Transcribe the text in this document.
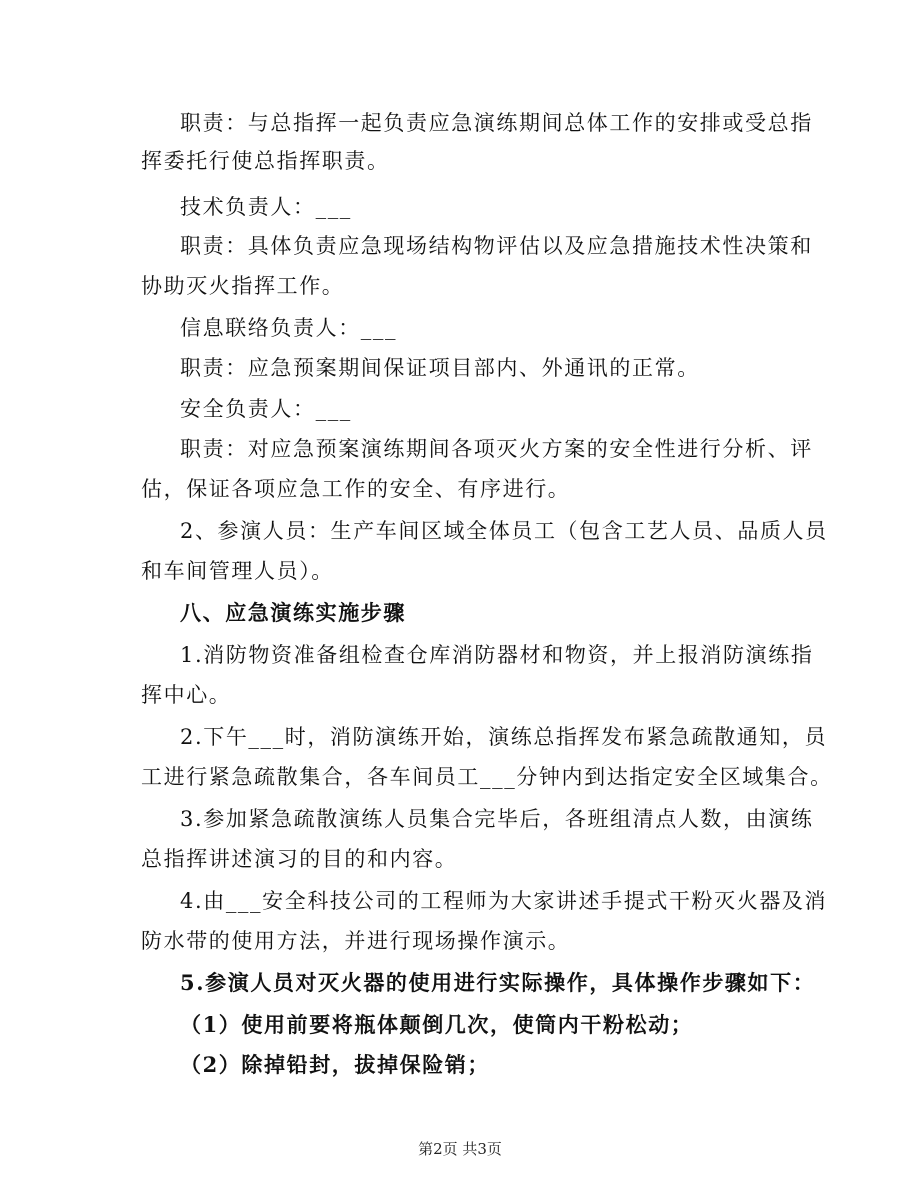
职责：与总指挥一起负责应急演练期间总体工作的安排或受总指
挥委托行使总指挥职责。
技术负责人：___
职责：具体负责应急现场结构物评估以及应急措施技术性决策和
协助灭火指挥工作。
信息联络负责人：___
职责：应急预案期间保证项目部内、外通讯的正常。
安全负责人：___
职责：对应急预案演练期间各项灭火方案的安全性进行分析、评
估，保证各项应急工作的安全、有序进行。
2、参演人员：生产车间区域全体员工（包含工艺人员、品质人员
和车间管理人员）。
八、应急演练实施步骤
1.消防物资准备组检查仓库消防器材和物资，并上报消防演练指
挥中心。
2.下午___时，消防演练开始，演练总指挥发布紧急疏散通知，员
工进行紧急疏散集合，各车间员工___分钟内到达指定安全区域集合。
3.参加紧急疏散演练人员集合完毕后，各班组清点人数，由演练
总指挥讲述演习的目的和内容。
4.由___安全科技公司的工程师为大家讲述手提式干粉灭火器及消
防水带的使用方法，并进行现场操作演示。
5.参演人员对灭火器的使用进行实际操作，具体操作步骤如下：
（1）使用前要将瓶体颠倒几次，使筒内干粉松动；
（2）除掉铅封，拔掉保险销；
第2页 共3页
